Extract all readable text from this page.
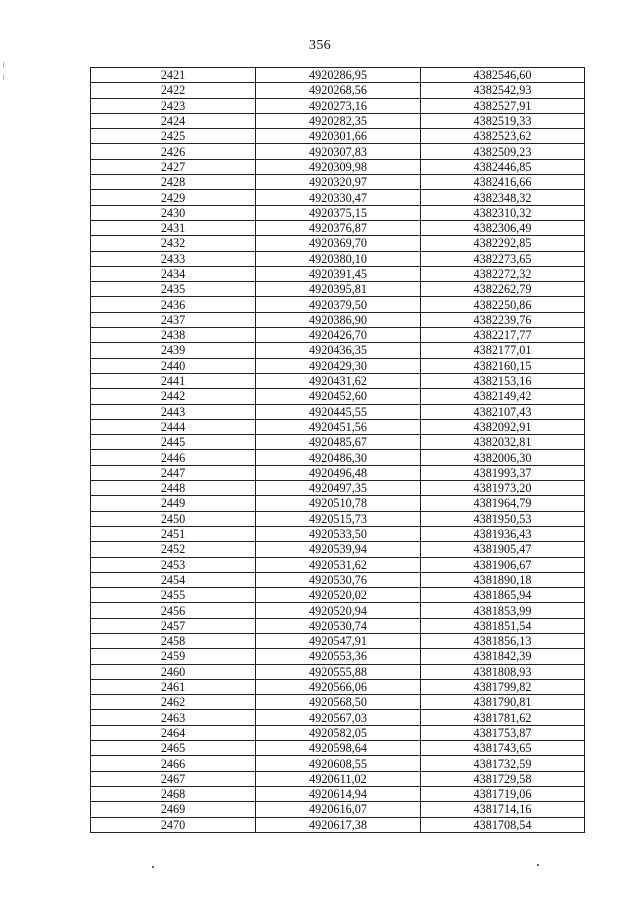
356
2421	4920286,95	4382546,60
2422	4920268,56	4382542,93
2423	4920273,16	4382527,91
2424	4920282,35	4382519,33
2425	4920301,66	4382523,62
2426	4920307,83	4382509,23
2427	4920309,98	4382446,85
2428	4920320,97	4382416,66
2429	4920330,47	4382348,32
2430	4920375,15	4382310,32
2431	4920376,87	4382306,49
2432	4920369,70	4382292,85
2433	4920380,10	4382273,65
2434	4920391,45	4382272,32
2435	4920395,81	4382262,79
2436	4920379,50	4382250,86
2437	4920386,90	4382239,76
2438	4920426,70	4382217,77
2439	4920436,35	4382177,01
2440	4920429,30	4382160,15
2441	4920431,62	4382153,16
2442	4920452,60	4382149,42
2443	4920445,55	4382107,43
2444	4920451,56	4382092,91
2445	4920485,67	4382032,81
2446	4920486,30	4382006,30
2447	4920496,48	4381993,37
2448	4920497,35	4381973,20
2449	4920510,78	4381964,79
2450	4920515,73	4381950,53
2451	4920533,50	4381936,43
2452	4920539,94	4381905,47
2453	4920531,62	4381906,67
2454	4920530,76	4381890,18
2455	4920520,02	4381865,94
2456	4920520,94	4381853,99
2457	4920530,74	4381851,54
2458	4920547,91	4381856,13
2459	4920553,36	4381842,39
2460	4920555,88	4381808,93
2461	4920566,06	4381799,82
2462	4920568,50	4381790,81
2463	4920567,03	4381781,62
2464	4920582,05	4381753,87
2465	4920598,64	4381743,65
2466	4920608,55	4381732,59
2467	4920611,02	4381729,58
2468	4920614,94	4381719,06
2469	4920616,07	4381714,16
2470	4920617,38	4381708,54
